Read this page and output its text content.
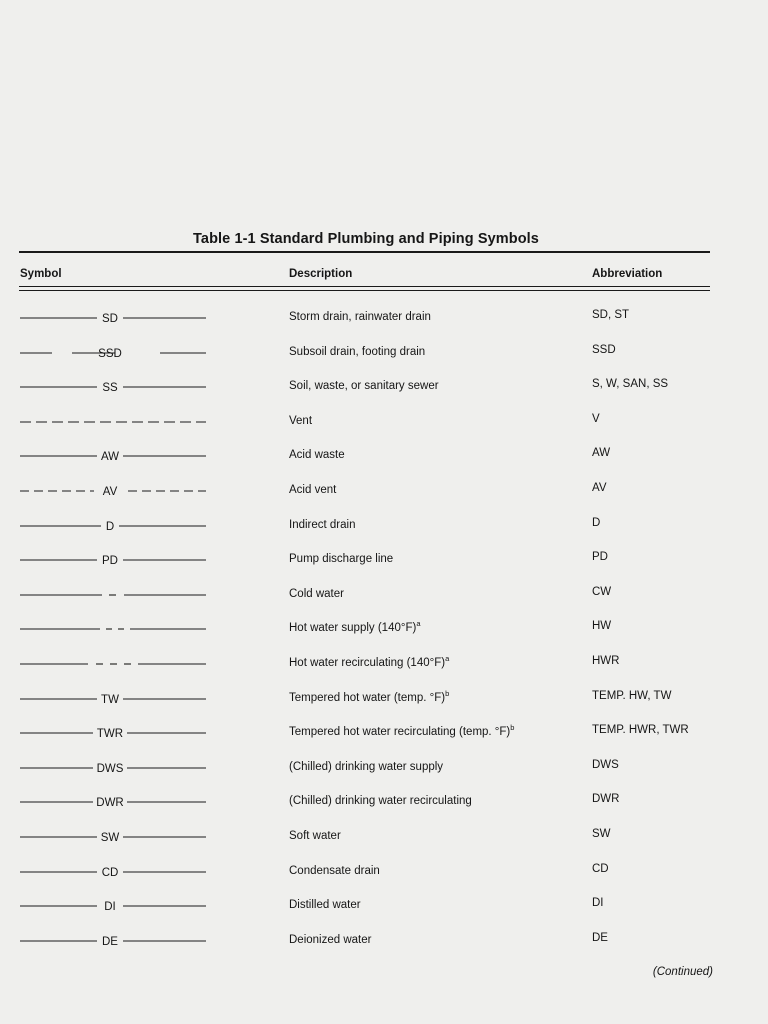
Table 1-1 Standard Plumbing and Piping Symbols
Symbol	Description	Abbreviation
SD	Storm drain, rainwater drain	SD, ST
SSD	Subsoil drain, footing drain	SSD
SS	Soil, waste, or sanitary sewer	S, W, SAN, SS
Vent	V
AW	Acid waste	AW
AV	Acid vent	AV
D	Indirect drain	D
PD	Pump discharge line	PD
Cold water	CW
Hot water supply $(140^\circ F)^a$	HW
Hot water recirculating $(140^\circ F)^a$	HWR
TW	Tempered hot water (temp. °F)$^b$	TEMP. HW, TW
TWR	Tempered hot water recirculating (temp. °F)$^b$	TEMP. HWR, TWR
DWS	(Chilled) drinking water supply	DWS
DWR	(Chilled) drinking water recirculating	DWR
SW	Soft water	SW
CD	Condensate drain	CD
DI	Distilled water	DI
DE	Deionized water	DE
(Continued)
